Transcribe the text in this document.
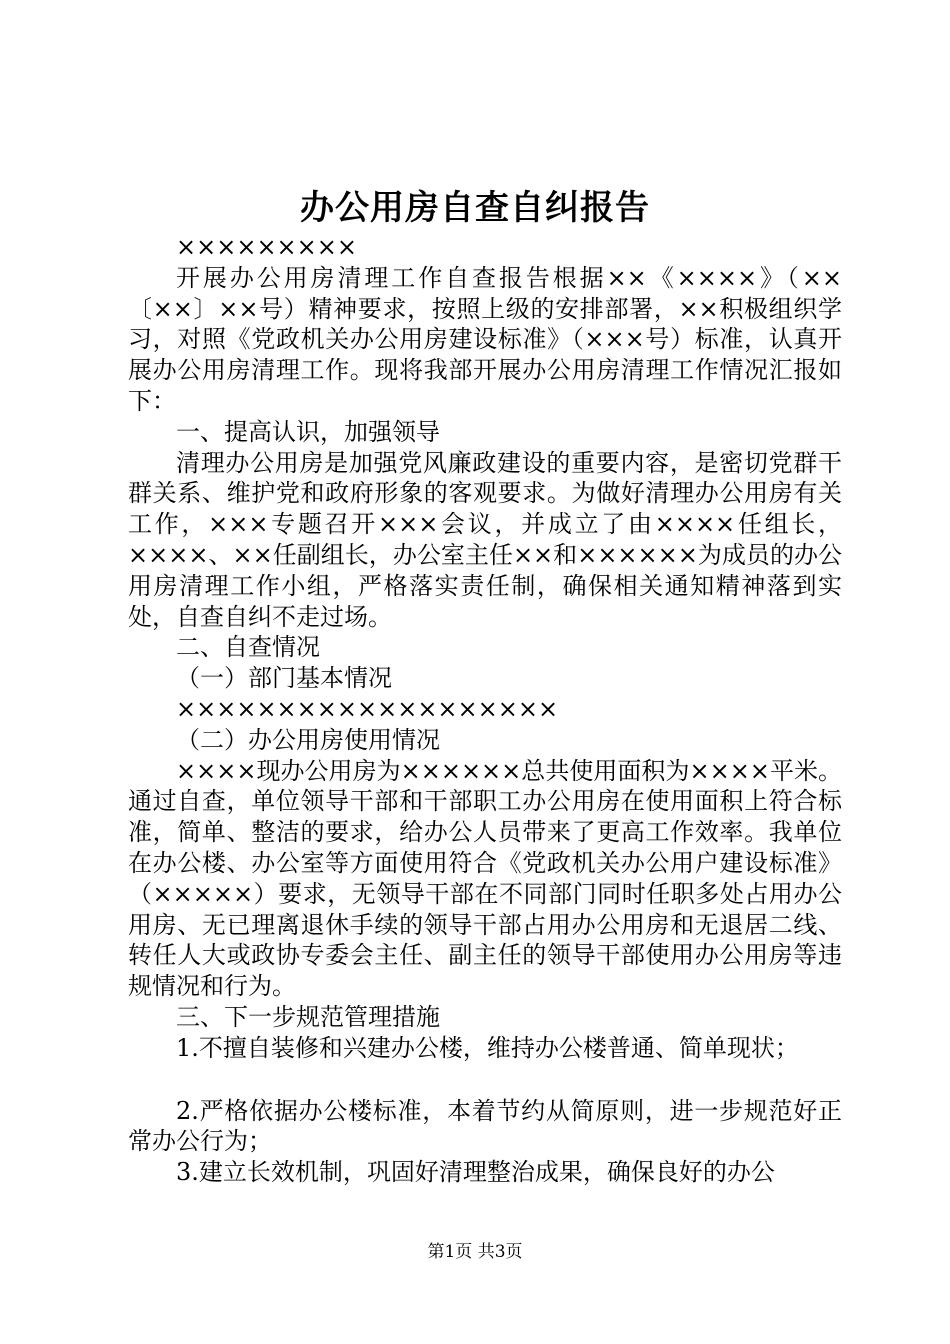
办公用房自查自纠报告

×××××××××

开展办公用房清理工作自查报告根据××《××××》（××〔××〕××号）精神要求，按照上级的安排部署，××积极组织学习，对照《党政机关办公用房建设标准》（×××号）标准，认真开展办公用房清理工作。现将我部开展办公用房清理工作情况汇报如下：

一、提高认识，加强领导

清理办公用房是加强党风廉政建设的重要内容，是密切党群干群关系、维护党和政府形象的客观要求。为做好清理办公用房有关工作，×××专题召开×××会议，并成立了由××××任组长，××××、××任副组长，办公室主任××和××××××为成员的办公用房清理工作小组，严格落实责任制，确保相关通知精神落到实处，自查自纠不走过场。

二、自查情况

（一）部门基本情况

×××××××××××××××××××

（二）办公用房使用情况

××××现办公用房为××××××总共使用面积为××××平米。通过自查，单位领导干部和干部职工办公用房在使用面积上符合标准，简单、整洁的要求，给办公人员带来了更高工作效率。我单位在办公楼、办公室等方面使用符合《党政机关办公用户建设标准》（×××××）要求，无领导干部在不同部门同时任职多处占用办公用房、无已理离退休手续的领导干部占用办公用房和无退居二线、转任人大或政协专委会主任、副主任的领导干部使用办公用房等违规情况和行为。

三、下一步规范管理措施

1.不擅自装修和兴建办公楼，维持办公楼普通、简单现状；

2.严格依据办公楼标准，本着节约从简原则，进一步规范好正常办公行为；

3.建立长效机制，巩固好清理整治成果，确保良好的办公

第1页 共3页
